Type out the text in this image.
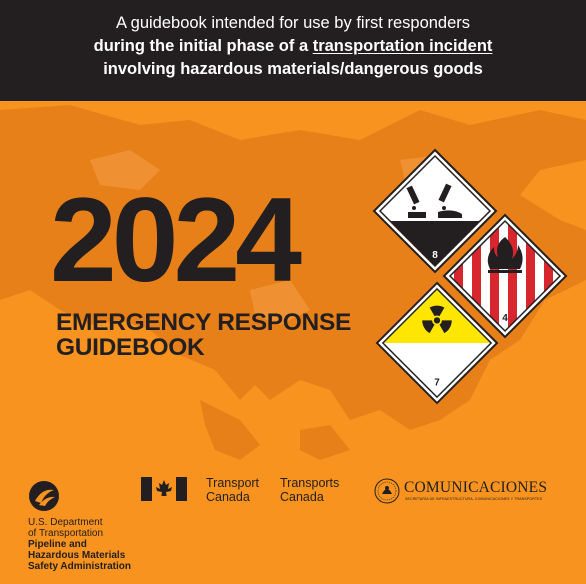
A guidebook intended for use by first responders
during the initial phase of a transportation incident
involving hazardous materials/dangerous goods
2024
EMERGENCY RESPONSE
GUIDEBOOK
8
4
7
U.S. Department
of Transportation
Pipeline and
Hazardous Materials
Safety Administration
Transport
Canada
Transports
Canada
COMUNICACIONES
SECRETARÍA DE INFRAESTRUCTURA, COMUNICACIONES Y TRANSPORTES
